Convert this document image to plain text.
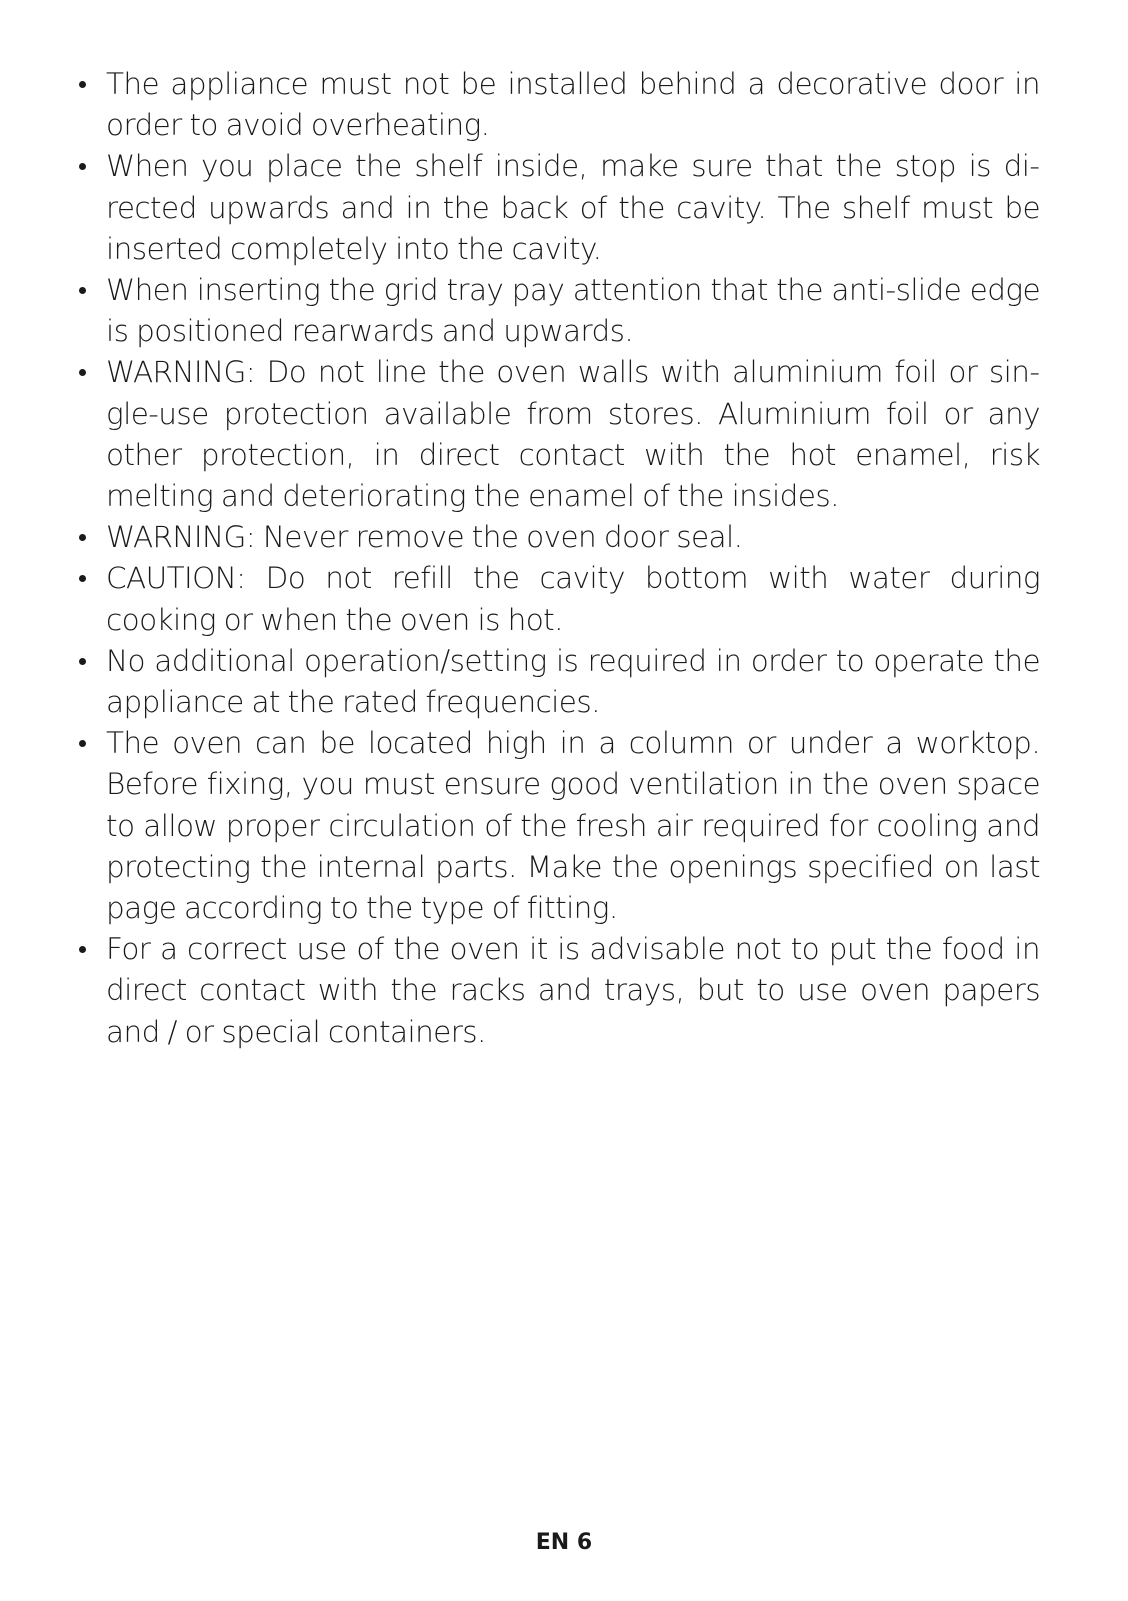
The appliance must not be installed behind a decorative door in order to avoid overheating.
When you place the shelf inside, make sure that the stop is directed upwards and in the back of the cavity. The shelf must be inserted completely into the cavity.
When inserting the grid tray pay attention that the anti-slide edge is positioned rearwards and upwards.
WARNING: Do not line the oven walls with aluminium foil or single-use protection available from stores. Aluminium foil or any other protection, in direct contact with the hot enamel, risk melting and deteriorating the enamel of the insides.
WARNING: Never remove the oven door seal.
CAUTION: Do not refill the cavity bottom with water during cooking or when the oven is hot.
No additional operation/setting is required in order to operate the appliance at the rated frequencies.
The oven can be located high in a column or under a worktop. Before fixing, you must ensure good ventilation in the oven space to allow proper circulation of the fresh air required for cooling and protecting the internal parts. Make the openings specified on last page according to the type of fitting.
For a correct use of the oven it is advisable not to put the food in direct contact with the racks and trays, but to use oven papers and / or special containers.
EN 6
